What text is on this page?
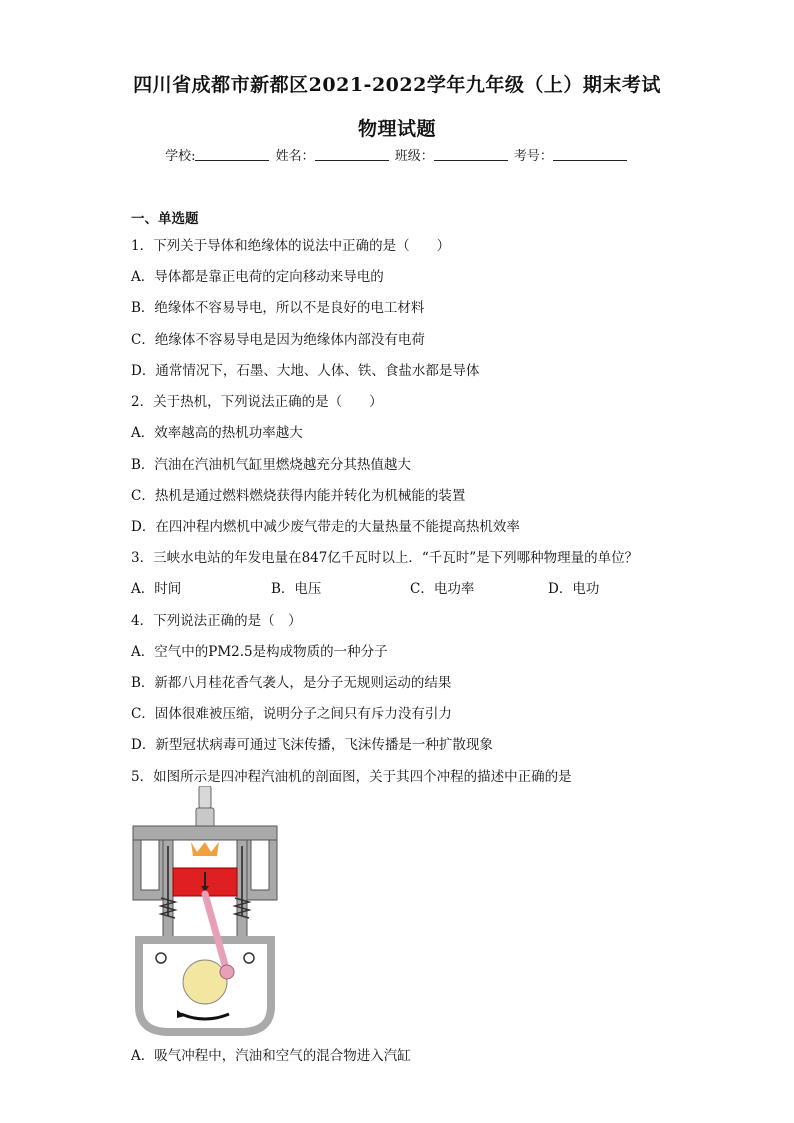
四川省成都市新都区2021-2022学年九年级（上）期末考试
物理试题
学校:	姓名：	班级：	考号：
一、单选题
1．下列关于导体和绝缘体的说法中正确的是（　　）
A．导体都是靠正电荷的定向移动来导电的
B．绝缘体不容易导电，所以不是良好的电工材料
C．绝缘体不容易导电是因为绝缘体内部没有电荷
D．通常情况下，石墨、大地、人体、铁、食盐水都是导体
2．关于热机，下列说法正确的是（　　）
A．效率越高的热机功率越大
B．汽油在汽油机气缸里燃烧越充分其热值越大
C．热机是通过燃料燃烧获得内能并转化为机械能的装置
D．在四冲程内燃机中减少废气带走的大量热量不能提高热机效率
3．三峡水电站的年发电量在847亿千瓦时以上．“千瓦时”是下列哪种物理量的单位？
A．时间	B．电压	C．电功率	D．电功
4．下列说法正确的是（　）
A．空气中的PM2.5是构成物质的一种分子
B．新都八月桂花香气袭人，是分子无规则运动的结果
C．固体很难被压缩，说明分子之间只有斥力没有引力
D．新型冠状病毒可通过飞沫传播，飞沫传播是一种扩散现象
5．如图所示是四冲程汽油机的剖面图，关于其四个冲程的描述中正确的是
A．吸气冲程中，汽油和空气的混合物进入汽缸
